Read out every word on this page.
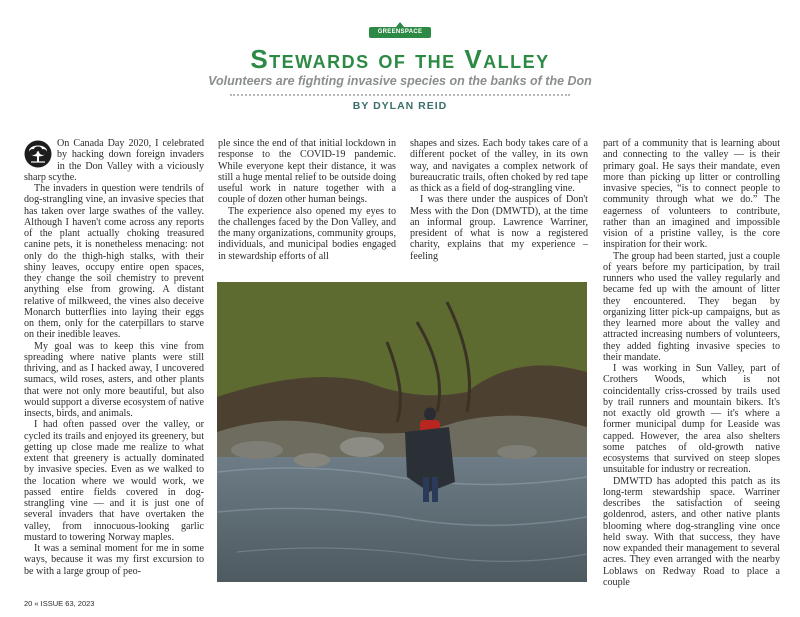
GREENSPACE
Stewards of the Valley
Volunteers are fighting invasive species on the banks of the Don
BY DYLAN REID

On Canada Day 2020, I celebrated by hacking down foreign invaders in the Don Valley with a viciously sharp scythe.

The invaders in question were tendrils of dog-strangling vine, an invasive species that has taken over large swathes of the valley. Although I haven't come across any reports of the plant actually choking treasured canine pets, it is nonetheless menacing: not only do the thigh-high stalks, with their shiny leaves, occupy entire open spaces, they change the soil chemistry to prevent anything else from growing. A distant relative of milkweed, the vines also deceive Monarch butterflies into laying their eggs on them, only for the caterpillars to starve on their inedible leaves.

My goal was to keep this vine from spreading where native plants were still thriving, and as I hacked away, I uncovered sumacs, wild roses, asters, and other plants that were not only more beautiful, but also would support a diverse ecosystem of native insects, birds, and animals.

I had often passed over the valley, or cycled its trails and enjoyed its greenery, but getting up close made me realize to what extent that greenery is actually dominated by invasive species. Even as we walked to the location where we would work, we passed entire fields covered in dog-strangling vine — and it is just one of several invaders that have overtaken the valley, from innocuous-looking garlic mustard to towering Norway maples.

It was a seminal moment for me in some ways, because it was my first excursion to be with a large group of peo-

ple since the end of that initial lockdown in response to the COVID-19 pandemic. While everyone kept their distance, it was still a huge mental relief to be outside doing useful work in nature together with a couple of dozen other human beings.

The experience also opened my eyes to the challenges faced by the Don Valley, and the many organizations, community groups, individuals, and municipal bodies engaged in stewardship efforts of all

shapes and sizes. Each body takes care of a different pocket of the valley, in its own way, and navigates a complex network of bureaucratic trails, often choked by red tape as thick as a field of dog-strangling vine.

I was there under the auspices of Don't Mess with the Don (DMWTD), at the time an informal group. Lawrence Warriner, president of what is now a registered charity, explains that my experience – feeling

part of a community that is learning about and connecting to the valley — is their primary goal. He says their mandate, even more than picking up litter or controlling invasive species, “is to connect people to community through what we do.” The eagerness of volunteers to contribute, rather than an imagined and impossible vision of a pristine valley, is the core inspiration for their work.

The group had been started, just a couple of years before my participation, by trail runners who used the valley regularly and became fed up with the amount of litter they encountered. They began by organizing litter pick-up campaigns, but as they learned more about the valley and attracted increasing numbers of volunteers, they added fighting invasive species to their mandate.

I was working in Sun Valley, part of Crothers Woods, which is not coincidentally criss-crossed by trails used by trail runners and mountain bikers. It's not exactly old growth — it's where a former municipal dump for Leaside was capped. However, the area also shelters some patches of old-growth native ecosystems that survived on steep slopes unsuitable for industry or recreation.

DMWTD has adopted this patch as its long-term stewardship space. Warriner describes the satisfaction of seeing goldenrod, asters, and other native plants blooming where dog-strangling vine once held sway. With that success, they have now expanded their management to several acres. They even arranged with the nearby Loblaws on Redway Road to place a couple

20 « ISSUE 63, 2023
